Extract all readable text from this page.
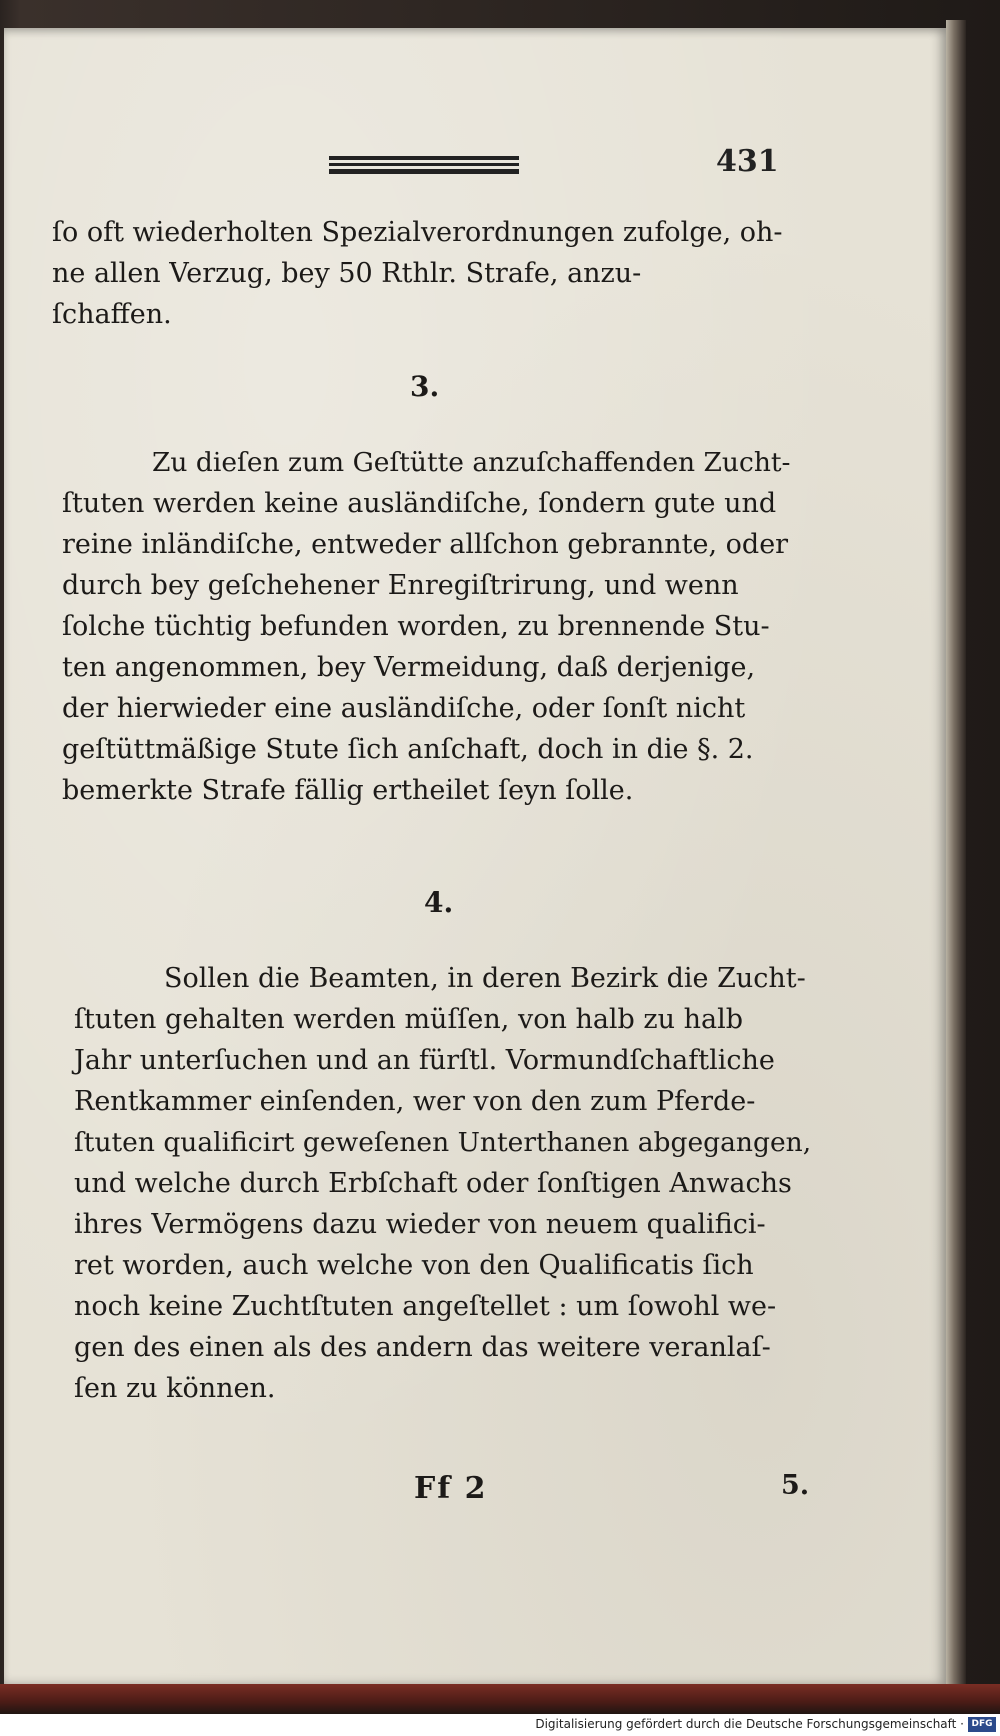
431
ſo oft wiederholten Spezialverordnungen zufolge, oh-
ne allen Verzug, bey 50 Rthlr. Strafe, anzu-
ſchaffen.
3.
Zu dieſen zum Geſtütte anzuſchaffenden Zucht-
ſtuten werden keine ausländiſche, ſondern gute und
reine inländiſche, entweder allſchon gebrannte, oder
durch bey geſchehener Enregiſtrirung, und wenn
ſolche tüchtig befunden worden, zu brennende Stu-
ten angenommen, bey Vermeidung, daß derjenige,
der hierwieder eine ausländiſche, oder ſonſt nicht
geſtüttmäßige Stute ſich anſchaft, doch in die §. 2.
bemerkte Strafe fällig ertheilet ſeyn ſolle.
4.
Sollen die Beamten, in deren Bezirk die Zucht-
ſtuten gehalten werden müſſen, von halb zu halb
Jahr unterſuchen und an fürſtl. Vormundſchaftliche
Rentkammer einſenden, wer von den zum Pferde-
ſtuten qualificirt geweſenen Unterthanen abgegangen,
und welche durch Erbſchaft oder ſonſtigen Anwachs
ihres Vermögens dazu wieder von neuem qualifici-
ret worden, auch welche von den Qualificatis ſich
noch keine Zuchtſtuten angeſtellet : um ſowohl we-
gen des einen als des andern das weitere veranlaſ-
ſen zu können.
Ff 2	5.
Digitalisierung gefördert durch die Deutsche Forschungsgemeinschaft · DFG
